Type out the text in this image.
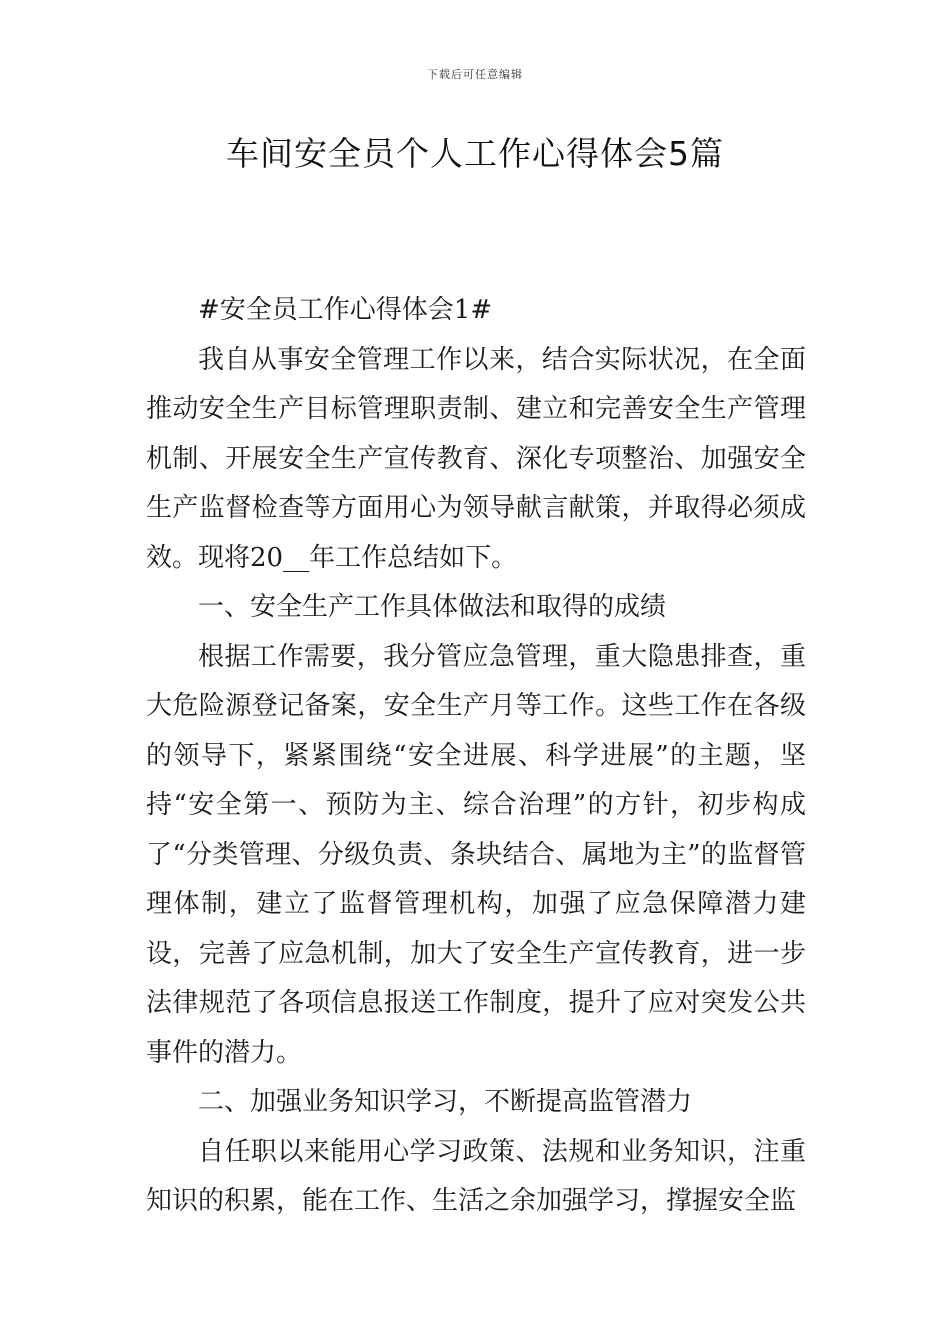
下载后可任意编辑
车间安全员个人工作心得体会5篇

#安全员工作心得体会1#

我自从事安全管理工作以来，结合实际状况，在全面推动安全生产目标管理职责制、建立和完善安全生产管理机制、开展安全生产宣传教育、深化专项整治、加强安全生产监督检查等方面用心为领导献言献策，并取得必须成效。现将20__年工作总结如下。

一、安全生产工作具体做法和取得的成绩

根据工作需要，我分管应急管理，重大隐患排查，重大危险源登记备案，安全生产月等工作。这些工作在各级的领导下，紧紧围绕“安全进展、科学进展”的主题，坚持“安全第一、预防为主、综合治理”的方针，初步构成了“分类管理、分级负责、条块结合、属地为主”的监督管理体制，建立了监督管理机构，加强了应急保障潜力建设，完善了应急机制，加大了安全生产宣传教育，进一步法律规范了各项信息报送工作制度，提升了应对突发公共事件的潜力。

二、加强业务知识学习，不断提高监管潜力

自任职以来能用心学习政策、法规和业务知识，注重知识的积累，能在工作、生活之余加强学习，撑握安全监
